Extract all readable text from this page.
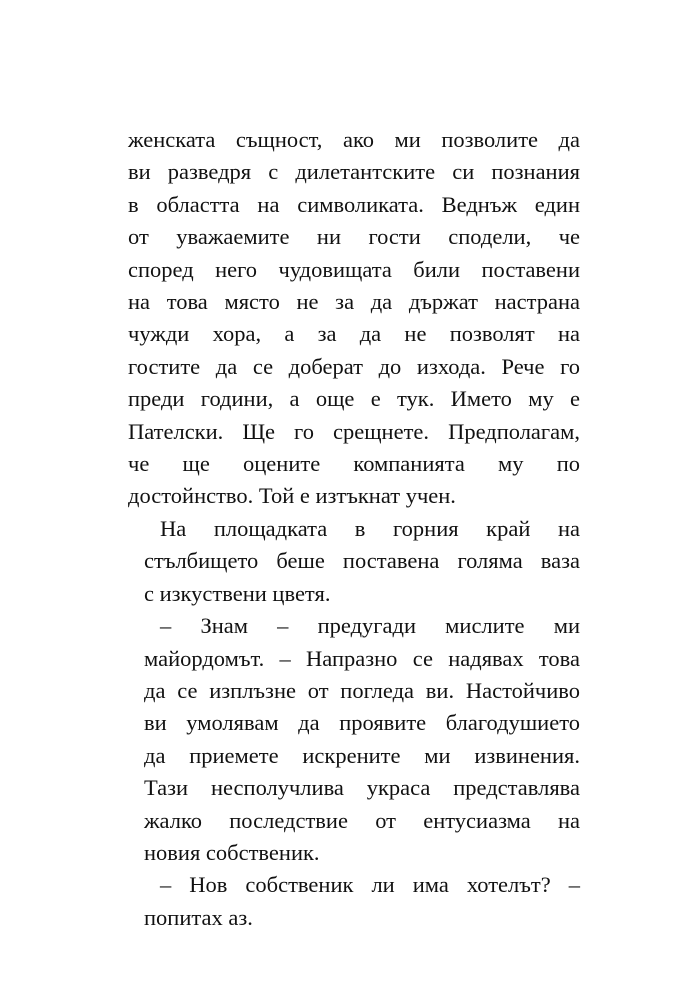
женската същност, ако ми позволите да
ви разведря с дилетантските си познания
в областта на символиката. Веднъж един
от уважаемите ни гости сподели, че
според него чудовищата били поставени
на това място не за да държат настрана
чужди хора, а за да не позволят на
гостите да се доберат до изхода. Рече го
преди години, а още е тук. Името му е
Пателски. Ще го срещнете. Предполагам,
че ще оцените компанията му по
достойнство. Той е изтъкнат учен.
На площадката в горния край на
стълбището беше поставена голяма ваза
с изкуствени цветя.
– Знам – предугади мислите ми
майордомът. – Напразно се надявах това
да се изплъзне от погледа ви. Настойчиво
ви умолявам да проявите благодушието
да приемете искрените ми извинения.
Тази несполучлива украса представлява
жалко последствие от ентусиазма на
новия собственик.
– Нов собственик ли има хотелът? –
попитах аз.
